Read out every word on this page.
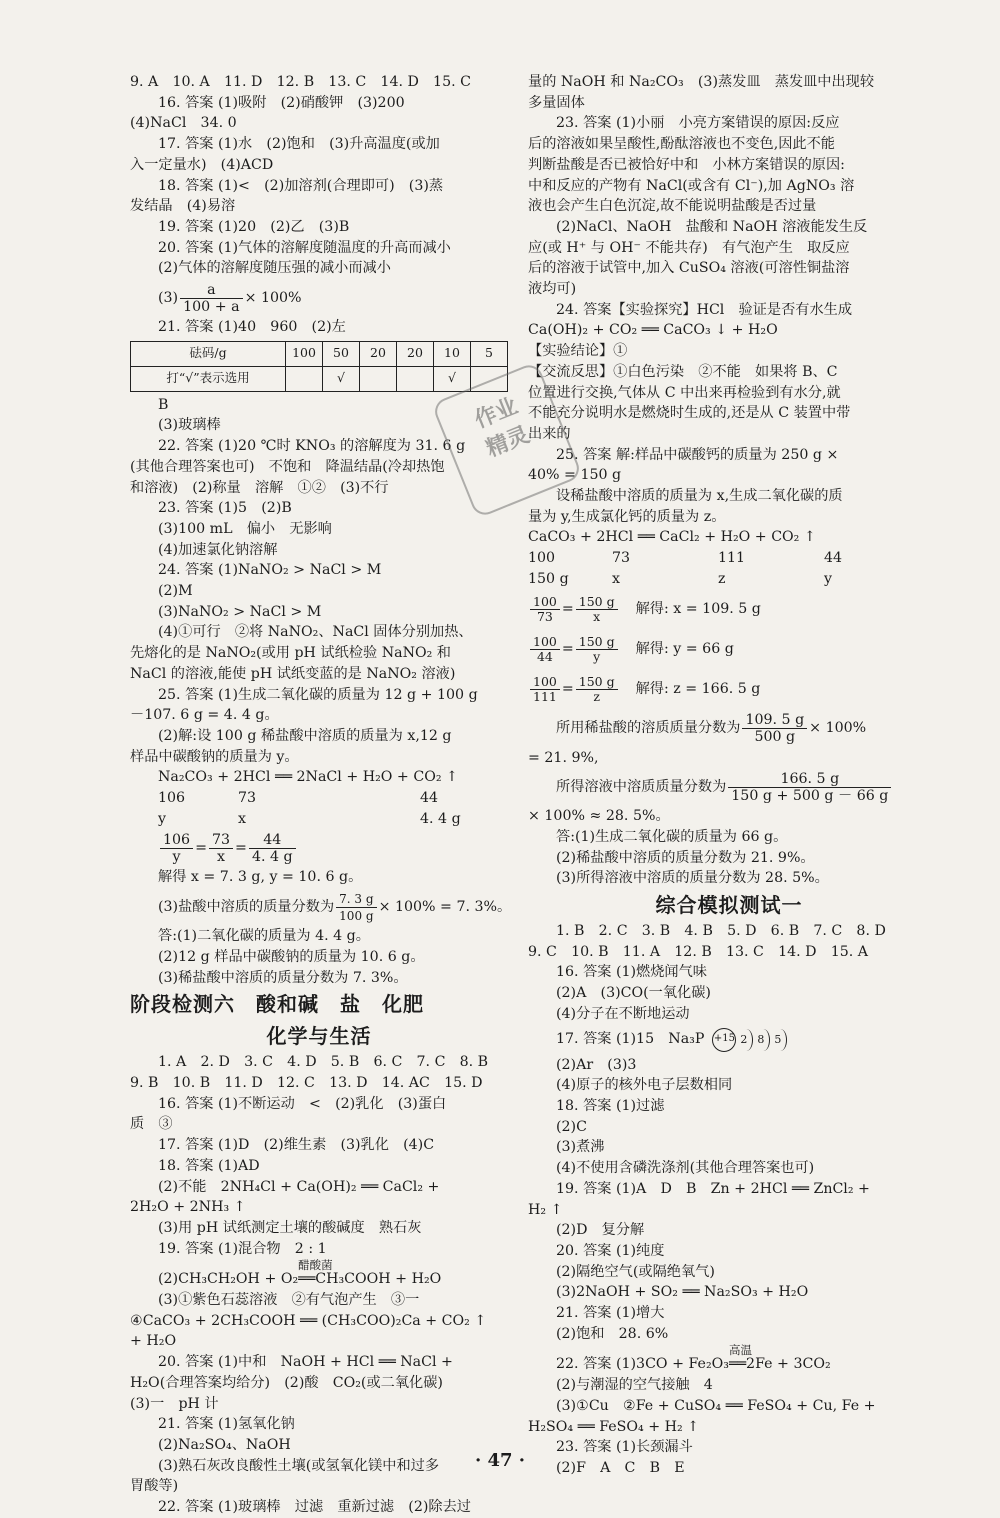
9. A　10. A　11. D　12. B　13. C　14. D　15. C
16. 答案 (1)吸附　(2)硝酸钾　(3)200
(4)NaCl　34. 0
17. 答案 (1)水　(2)饱和　(3)升高温度(或加
入一定量水)　(4)ACD
18. 答案 (1)<　(2)加溶剂(合理即可)　(3)蒸
发结晶　(4)易溶
19. 答案 (1)20　(2)乙　(3)B
20. 答案 (1)气体的溶解度随温度的升高而减小
(2)气体的溶解度随压强的减小而减小
$(3) \frac{a}{100 + a} \times 100\%$
21. 答案 (1)40　960　(2)左
砝码/g	100	50	20	20	10	5
打“√”表示选用		√			√	
B
(3)玻璃棒
22. 答案 (1)20 ℃时 KNO₃ 的溶解度为 31. 6 g
(其他合理答案也可)　不饱和　降温结晶(冷却热饱
和溶液)　(2)称量　溶解　①②　(3)不行
23. 答案 (1)5　(2)B
(3)100 mL　偏小　无影响
(4)加速氯化钠溶解
24. 答案 (1)NaNO₂ > NaCl > M
(2)M
(3)NaNO₂ > NaCl > M
(4)①可行　②将 NaNO₂、NaCl 固体分别加热、
先熔化的是 NaNO₂(或用 pH 试纸检验 NaNO₂ 和
NaCl 的溶液,能使 pH 试纸变蓝的是 NaNO₂ 溶液)
25. 答案 (1)生成二氧化碳的质量为 12 g + 100 g
－107. 6 g = 4. 4 g。
(2)解:设 100 g 稀盐酸中溶质的质量为 x,12 g
样品中碳酸钠的质量为 y。
Na₂CO₃ + 2HCl ══ 2NaCl + H₂O + CO₂ ↑
106	73	44
y	x	4. 4 g
$\frac{106}{y} = \frac{73}{x} = \frac{44}{4. 4 g}$
解得 x = 7. 3 g, y = 10. 6 g。
(3)盐酸中溶质的质量分数为 $\frac{7. 3 g}{100 g} \times 100\% = 7$. 3%。
答:(1)二氧化碳的质量为 4. 4 g。
(2)12 g 样品中碳酸钠的质量为 10. 6 g。
(3)稀盐酸中溶质的质量分数为 7. 3%。
阶段检测六　酸和碱　盐　化肥
化学与生活
1. A　2. D　3. C　4. D　5. B　6. C　7. C　8. B
9. B　10. B　11. D　12. C　13. D　14. AC　15. D
16. 答案 (1)不断运动　<　(2)乳化　(3)蛋白
质　③
17. 答案 (1)D　(2)维生素　(3)乳化　(4)C
18. 答案 (1)AD
(2)不能　2NH₄Cl + Ca(OH)₂ ══ CaCl₂ +
2H₂O + 2NH₃ ↑
(3)用 pH 试纸测定土壤的酸碱度　熟石灰
19. 答案 (1)混合物　2 : 1
(2)CH₃CH₂OH + O₂
醋酸菌
══ CH₃COOH + H₂O
(3)①紫色石蕊溶液　②有气泡产生　③一
④CaCO₃ + 2CH₃COOH ══ (CH₃COO)₂Ca + CO₂ ↑
+ H₂O
20. 答案 (1)中和　NaOH + HCl ══ NaCl +
H₂O(合理答案均给分)　(2)酸　CO₂(或二氧化碳)
(3)一　pH 计
21. 答案 (1)氢氧化钠
(2)Na₂SO₄、NaOH
(3)熟石灰改良酸性土壤(或氢氧化镁中和过多
胃酸等)
22. 答案 (1)玻璃棒　过滤　重新过滤　(2)除去过
量的 NaOH 和 Na₂CO₃　(3)蒸发皿　蒸发皿中出现较
多量固体
23. 答案 (1)小丽　小亮方案错误的原因:反应
后的溶液如果呈酸性,酚酞溶液也不变色,因此不能
判断盐酸是否已被恰好中和　小林方案错误的原因:
中和反应的产物有 NaCl(或含有 Cl⁻),加 AgNO₃ 溶
液也会产生白色沉淀,故不能说明盐酸是否过量
(2)NaCl、NaOH　盐酸和 NaOH 溶液能发生反
应(或 H⁺ 与 OH⁻ 不能共存)　有气泡产生　取反应
后的溶液于试管中,加入 CuSO₄ 溶液(可溶性铜盐溶
液均可)
24. 答案【实验探究】HCl　验证是否有水生成
Ca(OH)₂ + CO₂ ══ CaCO₃ ↓ + H₂O
【实验结论】①
【交流反思】①白色污染　②不能　如果将 B、C
位置进行交换,气体从 C 中出来再检验到有水分,就
不能充分说明水是燃烧时生成的,还是从 C 装置中带
出来的
25. 答案 解:样品中碳酸钙的质量为 250 g ×
40% = 150 g
设稀盐酸中溶质的质量为 x,生成二氧化碳的质
量为 y,生成氯化钙的质量为 z。
CaCO₃ + 2HCl ══ CaCl₂ + H₂O + CO₂ ↑
100	73	111	44
150 g	x	z	y
$\frac{100}{73} = \frac{150 g}{x}$ 解得: x = 109. 5 g
$\frac{100}{44} = \frac{150 g}{y}$ 解得: y = 66 g
$\frac{100}{111} = \frac{150 g}{z}$ 解得: z = 166. 5 g
所用稀盐酸的溶质质量分数为 $\frac{109. 5 g}{500 g} \times 100\%$
= 21. 9%,
所得溶液中溶质质量分数为 $\frac{166. 5 g}{150 g + 500 g - 66 g}$
× 100% ≈ 28. 5%。
答:(1)生成二氧化碳的质量为 66 g。
(2)稀盐酸中溶质的质量分数为 21. 9%。
(3)所得溶液中溶质的质量分数为 28. 5%。
综合模拟测试一
1. B　2. C　3. B　4. B　5. D　6. B　7. C　8. D
9. C　10. B　11. A　12. B　13. C　14. D　15. A
16. 答案 (1)燃烧闻气味
(2)A　(3)CO(一氧化碳)
(4)分子在不断地运动
17. 答案 (1)15　Na₃P +15 2 8 5
(2)Ar　(3)3
(4)原子的核外电子层数相同
18. 答案 (1)过滤
(2)C
(3)煮沸
(4)不使用含磷洗涤剂(其他合理答案也可)
19. 答案 (1)A　D　B　Zn + 2HCl ══ ZnCl₂ +
H₂ ↑
(2)D　复分解
20. 答案 (1)纯度
(2)隔绝空气(或隔绝氧气)
(3)2NaOH + SO₂ ══ Na₂SO₃ + H₂O
21. 答案 (1)增大
(2)饱和　28. 6%
22. 答案 (1)3CO + Fe₂O₃
高温
══ 2Fe + 3CO₂
(2)与潮湿的空气接触　4
(3)①Cu　②Fe + CuSO₄ ══ FeSO₄ + Cu, Fe +
H₂SO₄ ══ FeSO₄ + H₂ ↑
23. 答案 (1)长颈漏斗
(2)F　A　C　B　E
作业
精灵
· 47 ·
